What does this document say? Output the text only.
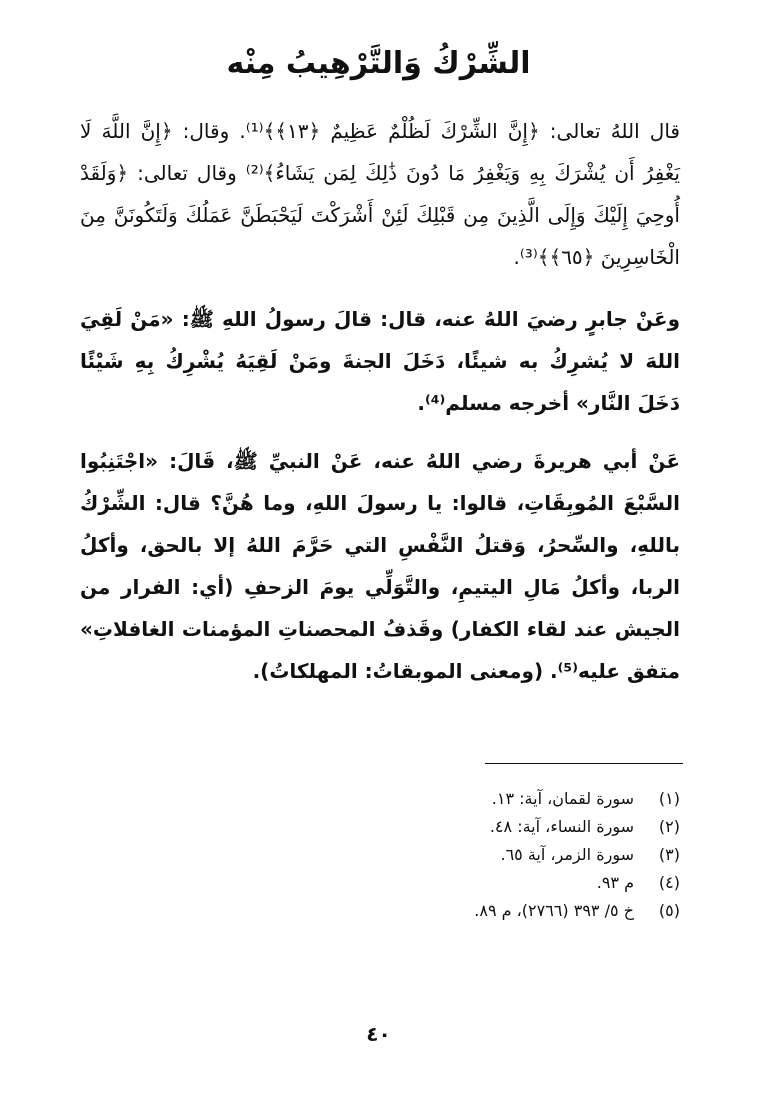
الشِّرْكُ وَالتَّرْهِيبُ مِنْه
قال اللهُ تعالى: ﴿إِنَّ الشِّرْكَ لَظُلْمٌ عَظِيمٌ ﴿١٣﴾﴾⁽¹⁾. وقال: ﴿إِنَّ اللَّهَ لَا يَغْفِرُ أَن يُشْرَكَ بِهِ وَيَغْفِرُ مَا دُونَ ذَٰلِكَ لِمَن يَشَاءُ﴾⁽²⁾ وقال تعالى: ﴿وَلَقَدْ أُوحِيَ إِلَيْكَ وَإِلَى الَّذِينَ مِن قَبْلِكَ لَئِنْ أَشْرَكْتَ لَيَحْبَطَنَّ عَمَلُكَ وَلَتَكُونَنَّ مِنَ الْخَاسِرِينَ ﴿٦٥﴾﴾⁽³⁾.
وعَنْ جابرٍ رضيَ اللهُ عنه، قال: قالَ رسولُ اللهِ ﷺ: «مَنْ لَقِيَ اللهَ لا يُشرِكُ به شيئًا، دَخَلَ الجنةَ ومَنْ لَقِيَهُ يُشْرِكُ بِهِ شَيْئًا دَخَلَ النَّار» أخرجه مسلم⁽⁴⁾.
عَنْ أبي هريرةَ رضي اللهُ عنه، عَنْ النبيِّ ﷺ، قَالَ: «اجْتَنِبُوا السَّبْعَ المُوبِقَاتِ، قالوا: يا رسولَ اللهِ، وما هُنَّ؟ قال: الشِّرْكُ باللهِ، والسِّحرُ، وَقتلُ النَّفْسِ التي حَرَّمَ اللهُ إلا بالحق، وأكلُ الربا، وأكلُ مَالِ اليتيمِ، والتَّوَلِّي يومَ الزحفِ (أي: الفرار من الجيش عند لقاء الكفار) وقَذفُ المحصناتِ المؤمنات الغافلاتِ» متفق عليه⁽⁵⁾. (ومعنى الموبقاتُ: المهلكاتُ).
(١)
سورة لقمان، آية: ١٣.
(٢)
سورة النساء، آية: ٤٨.
(٣)
سورة الزمر، آية ٦٥.
(٤)
م ٩٣.
(٥)
خ ٥/ ٣٩٣ (٢٧٦٦)، م ٨٩.
٤٠
